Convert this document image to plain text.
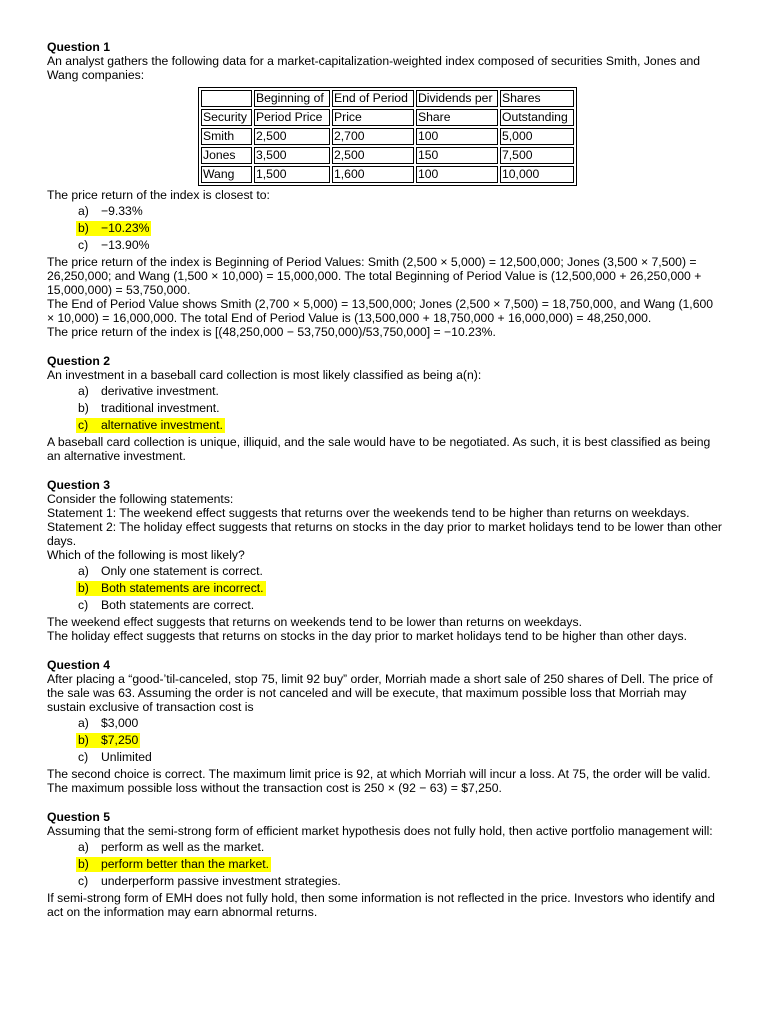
Question 1

An analyst gathers the following data for a market-capitalization-weighted index composed of securities Smith, Jones and Wang companies:

	Beginning of	End of Period	Dividends per	Shares
Security	Period Price	Price	Share	Outstanding
Smith	2,500	2,700	100	5,000
Jones	3,500	2,500	150	7,500
Wang	1,500	1,600	100	10,000

The price return of the index is closest to:

a) −9.33%
b) −10.23%
c) −13.90%

The price return of the index is Beginning of Period Values: Smith (2,500 × 5,000) = 12,500,000; Jones (3,500 × 7,500) = 26,250,000; and Wang (1,500 × 10,000) = 15,000,000. The total Beginning of Period Value is (12,500,000 + 26,250,000 + 15,000,000) = 53,750,000.

The End of Period Value shows Smith (2,700 × 5,000) = 13,500,000; Jones (2,500 × 7,500) = 18,750,000, and Wang (1,600 × 10,000) = 16,000,000. The total End of Period Value is (13,500,000 + 18,750,000 + 16,000,000) = 48,250,000.

The price return of the index is [(48,250,000 − 53,750,000)/53,750,000] = −10.23%.

Question 2

An investment in a baseball card collection is most likely classified as being a(n):

a) derivative investment.
b) traditional investment.
c) alternative investment.

A baseball card collection is unique, illiquid, and the sale would have to be negotiated. As such, it is best classified as being an alternative investment.

Question 3

Consider the following statements:

Statement 1: The weekend effect suggests that returns over the weekends tend to be higher than returns on weekdays.

Statement 2: The holiday effect suggests that returns on stocks in the day prior to market holidays tend to be lower than other days.

Which of the following is most likely?

a) Only one statement is correct.
b) Both statements are incorrect.
c) Both statements are correct.

The weekend effect suggests that returns on weekends tend to be lower than returns on weekdays.

The holiday effect suggests that returns on stocks in the day prior to market holidays tend to be higher than other days.

Question 4

After placing a “good-’til-canceled, stop 75, limit 92 buy” order, Morriah made a short sale of 250 shares of Dell. The price of the sale was 63. Assuming the order is not canceled and will be execute, that maximum possible loss that Morriah may sustain exclusive of transaction cost is

a) $3,000
b) $7,250
c) Unlimited

The second choice is correct. The maximum limit price is 92, at which Morriah will incur a loss. At 75, the order will be valid. The maximum possible loss without the transaction cost is 250 × (92 − 63) = $7,250.

Question 5

Assuming that the semi-strong form of efficient market hypothesis does not fully hold, then active portfolio management will:

a) perform as well as the market.
b) perform better than the market.
c) underperform passive investment strategies.

If semi-strong form of EMH does not fully hold, then some information is not reflected in the price. Investors who identify and act on the information may earn abnormal returns.
